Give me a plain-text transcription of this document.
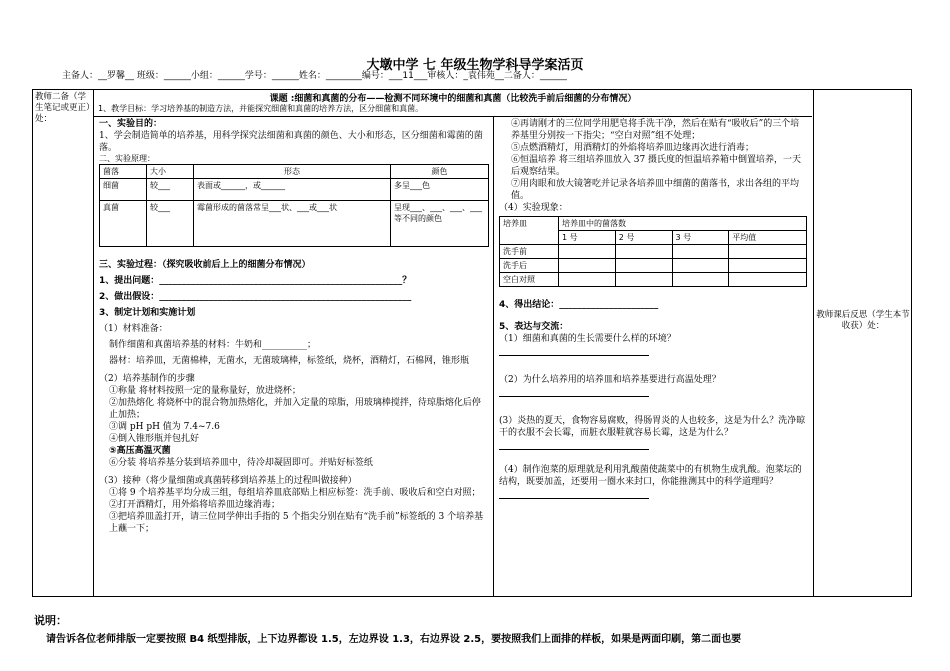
大墩中学 七 年级生物学科导学案活页
主备人：__罗馨__ 班级：______小组：______学号：______姓名：________编号：___11___审核人：_袁伟苑__二备人：______
教师二备（学生笔记或更正）处：
教师课后反思（学生本节收获）处：
课题 :细菌和真菌的分布——检测不同环境中的细菌和真菌（比较洗手前后细菌的分布情况）
1、教学目标：学习培养基的制造方法，并能探究细菌和真菌的培养方法，区分细菌和真菌。
一、实验目的：
1、学会制造简单的培养基，用科学探究法细菌和真菌的颜色、大小和形态，区分细菌和霉菌的菌落。
二、实验原理：
菌落	大小	形态	颜色
细菌	较___	表面或______，或______	多呈___色
真菌	较___	霉菌形成的菌落常呈___状、___或___状	呈现___、___、___、___等不同的颜色
三、实验过程：（探究吸收前后上上的细菌分布情况）
1、提出问题：______________________________________________________？
2、做出假设：________________________________________________________
3、制定计划和实施计划
（1）材料准备：
制作细菌和真菌培养基的材料：牛奶和__________；
器材：培养皿，无菌棉棒，无菌水，无菌玻璃棒，标签纸，烧杯，酒精灯，石棉网，锥形瓶
（2）培养基制作的步骤
①称量 将材料按照一定的量称量好，放进烧杯；
②加热熔化 将烧杯中的混合物加热熔化，并加入定量的琼脂，用玻璃棒搅拌，待琼脂熔化后停止加热；
③调 pH pH 值为 7.4~7.6
④倒入锥形瓶并包扎好
⑤高压高温灭菌
⑥分装 将培养基分装到培养皿中，待冷却凝固即可。并贴好标签纸
（3）接种（将少量细菌或真菌转移到培养基上的过程叫做接种）
①将 9 个培养基平均分成三组，每组培养皿底部贴上相应标签：洗手前、吸收后和空白对照；
②打开酒精灯，用外焰将培养皿边缘消毒；
③把培养皿盖打开，请三位同学伸出手指的 5 个指尖分别在贴有“洗手前”标签纸的 3 个培养基上蘸一下；
④再请刚才的三位同学用肥皂将手洗干净，然后在贴有“吸收后”的三个培养基里分别按一下指尖；“空白对照”组不处理；
⑤点燃酒精灯，用酒精灯的外焰将培养皿边缘再次进行消毒；
⑥恒温培养 将三组培养皿放入 37 摄氏度的恒温培养箱中倒置培养，一天后观察结果。
⑦用肉眼和放大镜箸吃并记录各培养皿中细菌的菌落书，求出各组的平均值。
（4）实验现象：
培养皿	培养皿中的菌落数			
	1 号	2 号	3 号	平均值
洗手前				
洗手后				
空白对照				
4、得出结论：______________________
5、表达与交流：
（1）细菌和真菌的生长需要什么样的环境？
（2）为什么培养用的培养皿和培养基要进行高温处理？
(3）炎热的夏天，食物容易腐败，得肠胃炎的人也较多，这是为什么？洗净晾干的衣服不会长霉，而脏衣服鞋就容易长霉，这是为什么？
（4）制作泡菜的原理就是利用乳酸菌使蔬菜中的有机物生成乳酸。泡菜坛的结构，既要加盖，还要用一圈水来封口，你能推测其中的科学道理吗？
说明：
请告诉各位老师排版一定要按照 B4 纸型排版，上下边界都设 1.5，左边界设 1.3，右边界设 2.5，要按照我们上面排的样板，如果是两面印刷，第二面也要
